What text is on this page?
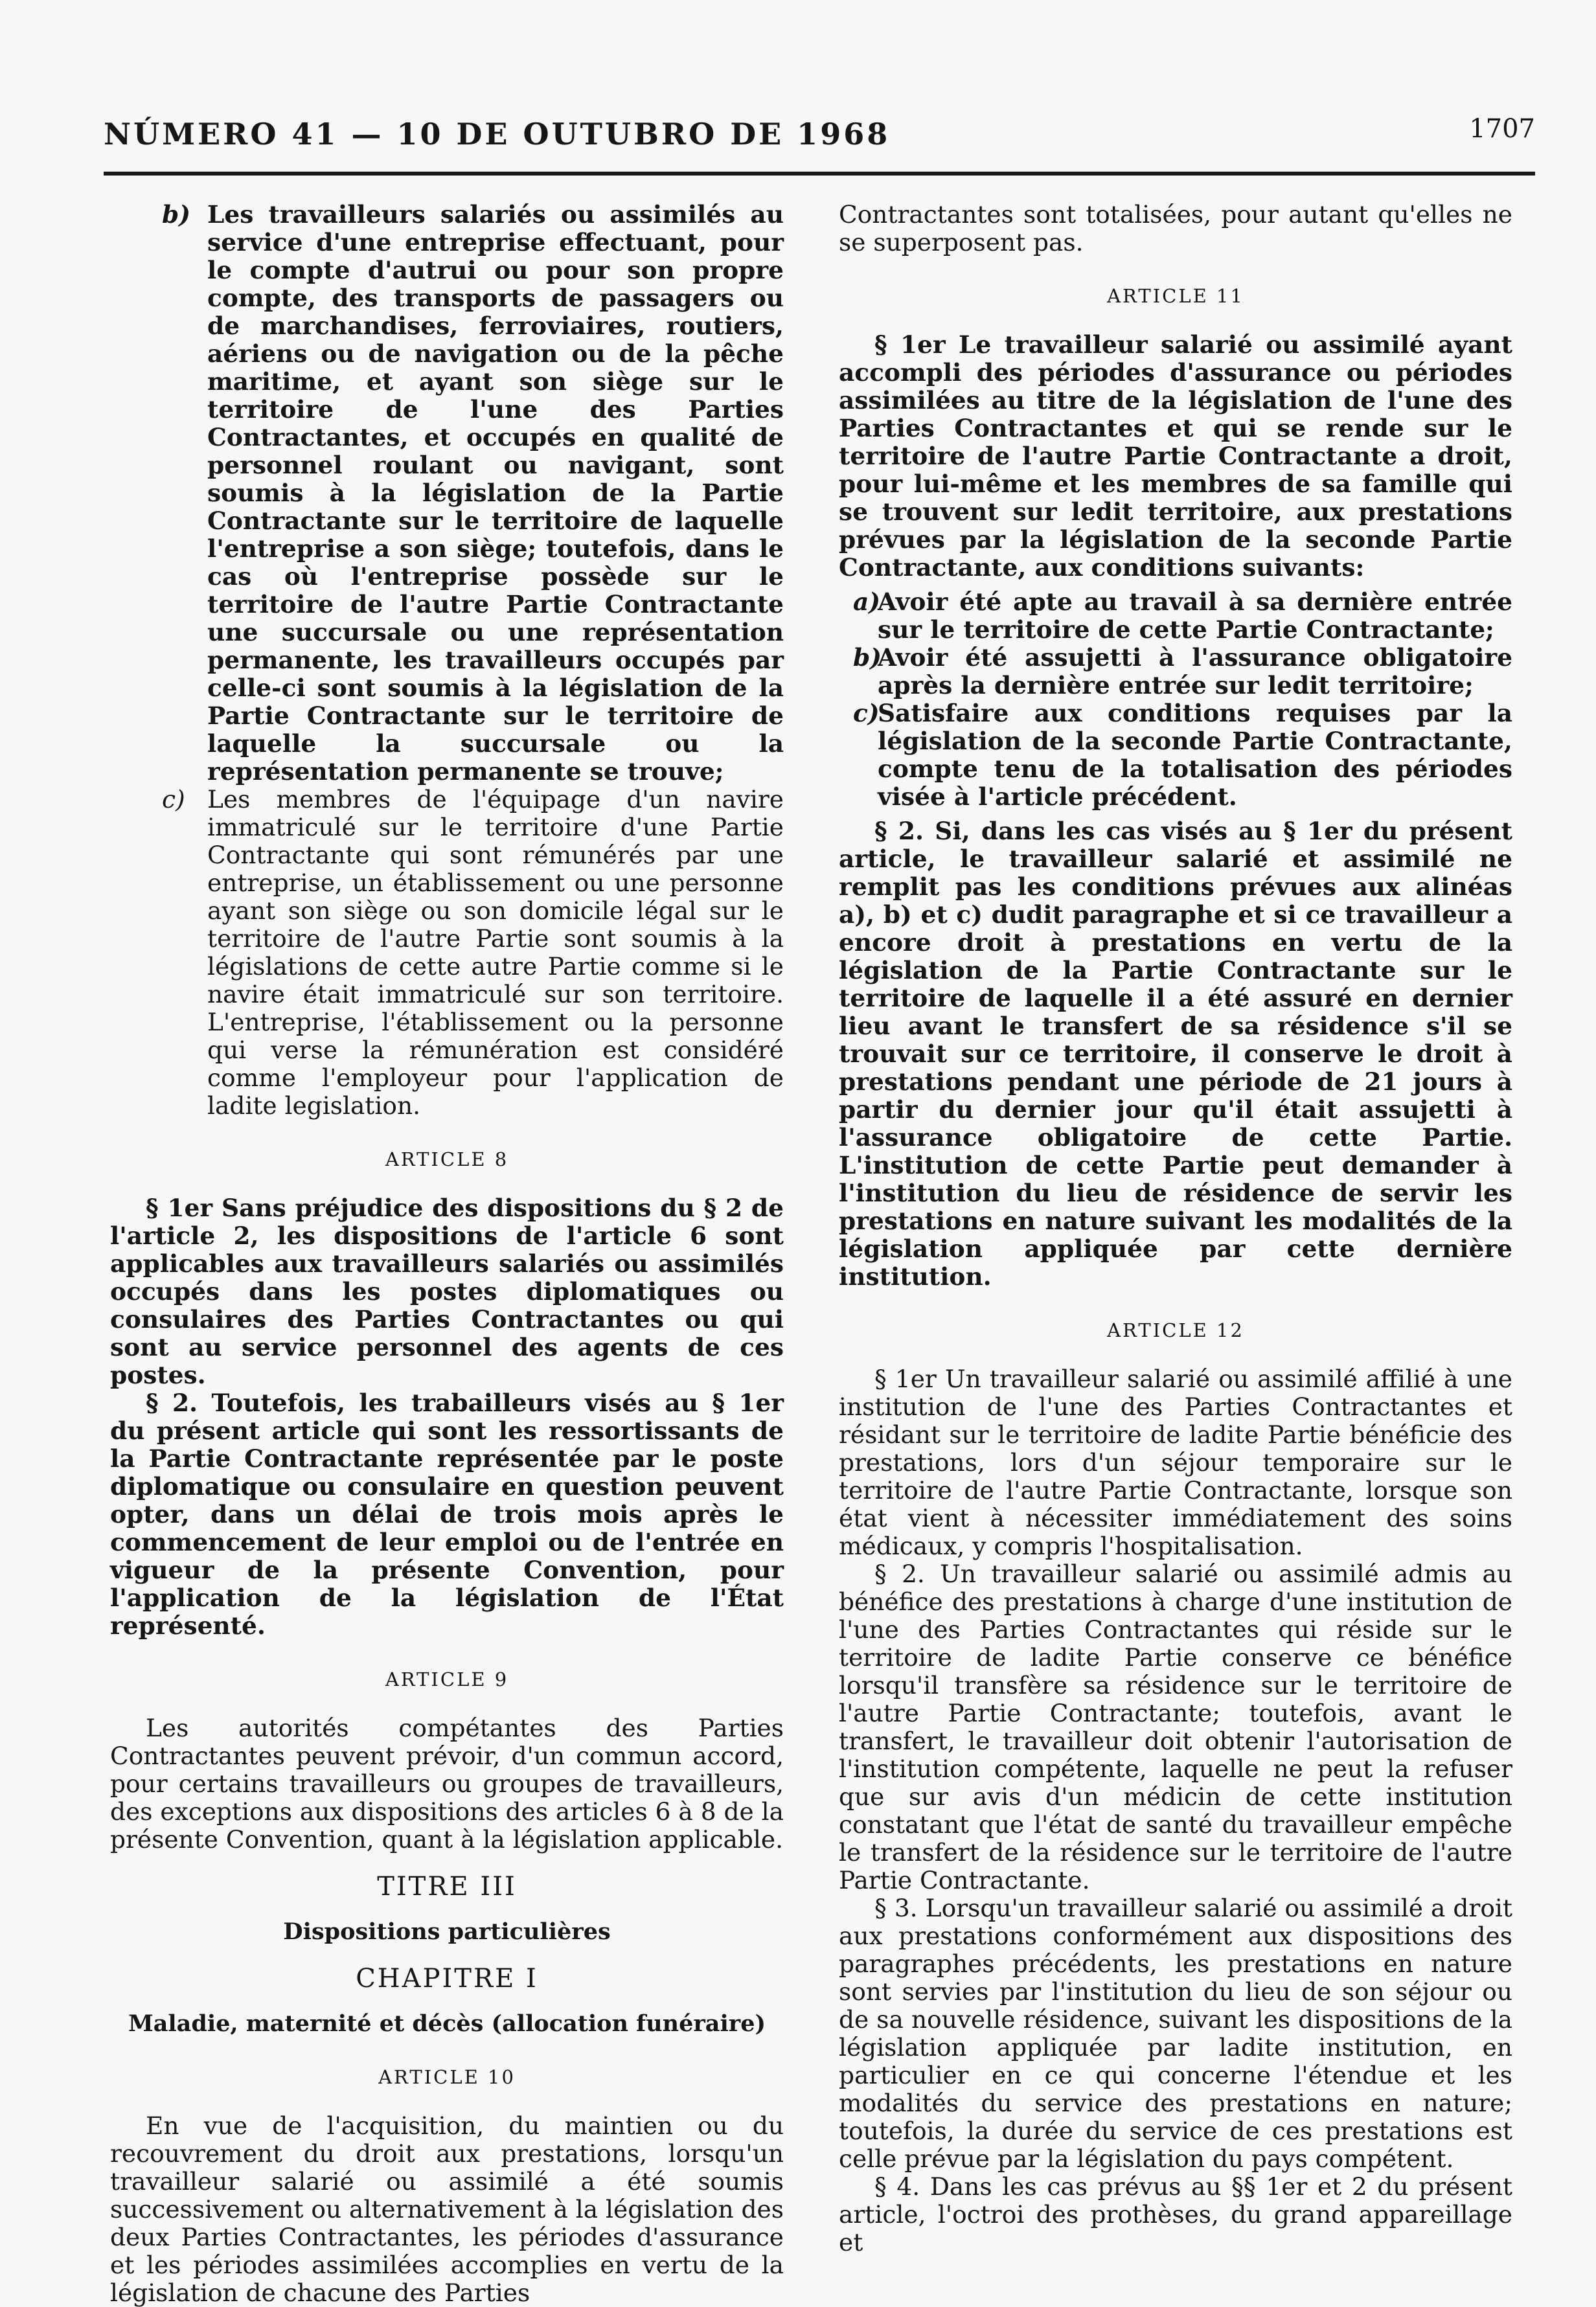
NÚMERO 41 — 10 DE OUTUBRO DE 1968	1707
b) Les travailleurs salariés ou assimilés au service d'une entreprise effectuant, pour le compte d'autrui ou pour son propre compte, des transports de passagers ou de marchandises, ferroviaires, routiers, aériens ou de navigation ou de la pêche maritime, et ayant son siège sur le territoire de l'une des Parties Contractantes, et occupés en qualité de personnel roulant ou navigant, sont soumis à la législation de la Partie Contractante sur le territoire de laquelle l'entreprise a son siège; toutefois, dans le cas où l'entreprise possède sur le territoire de l'autre Partie Contractante une succursale ou une représentation permanente, les travailleurs occupés par celle-ci sont soumis à la législation de la Partie Contractante sur le territoire de laquelle la succursale ou la représentation permanente se trouve;
c) Les membres de l'équipage d'un navire immatriculé sur le territoire d'une Partie Contractante qui sont rémunérés par une entreprise, un établissement ou une personne ayant son siège ou son domicile légal sur le territoire de l'autre Partie sont soumis à la législations de cette autre Partie comme si le navire était immatriculé sur son territoire. L'entreprise, l'établissement ou la personne qui verse la rémunération est considéré comme l'employeur pour l'application de ladite legislation.
ARTICLE 8

§ 1er Sans préjudice des dispositions du § 2 de l'article 2, les dispositions de l'article 6 sont applicables aux travailleurs salariés ou assimilés occupés dans les postes diplomatiques ou consulaires des Parties Contractantes ou qui sont au service personnel des agents de ces postes.

§ 2. Toutefois, les trabailleurs visés au § 1er du présent article qui sont les ressortissants de la Partie Contractante représentée par le poste diplomatique ou consulaire en question peuvent opter, dans un délai de trois mois après le commencement de leur emploi ou de l'entrée en vigueur de la présente Convention, pour l'application de la législation de l'État représenté.

ARTICLE 9

Les autorités compétantes des Parties Contractantes peuvent prévoir, d'un commun accord, pour certains travailleurs ou groupes de travailleurs, des exceptions aux dispositions des articles 6 à 8 de la présente Convention, quant à la législation applicable.

TITRE III
Dispositions particulières
CHAPITRE I
Maladie, maternité et décès (allocation funéraire)
ARTICLE 10

En vue de l'acquisition, du maintien ou du recouvrement du droit aux prestations, lorsqu'un travailleur salarié ou assimilé a été soumis successivement ou alternativement à la législation des deux Parties Contractantes, les périodes d'assurance et les périodes assimilées accomplies en vertu de la législation de chacune des Parties

Contractantes sont totalisées, pour autant qu'elles ne se superposent pas.

ARTICLE 11

§ 1er Le travailleur salarié ou assimilé ayant accompli des périodes d'assurance ou périodes assimilées au titre de la législation de l'une des Parties Contractantes et qui se rende sur le territoire de l'autre Partie Contractante a droit, pour lui-même et les membres de sa famille qui se trouvent sur ledit territoire, aux prestations prévues par la législation de la seconde Partie Contractante, aux conditions suivants:

a)
Avoir été apte au travail à sa dernière entrée sur le territoire de cette Partie Contractante;
b)
Avoir été assujetti à l'assurance obligatoire après la dernière entrée sur ledit territoire;
c)
Satisfaire aux conditions requises par la législation de la seconde Partie Contractante, compte tenu de la totalisation des périodes visée à l'article précédent.

§ 2. Si, dans les cas visés au § 1er du présent article, le travailleur salarié et assimilé ne remplit pas les conditions prévues aux alinéas a), b) et c) dudit paragraphe et si ce travailleur a encore droit à prestations en vertu de la législation de la Partie Contractante sur le territoire de laquelle il a été assuré en dernier lieu avant le transfert de sa résidence s'il se trouvait sur ce territoire, il conserve le droit à prestations pendant une période de 21 jours à partir du dernier jour qu'il était assujetti à l'assurance obligatoire de cette Partie. L'institution de cette Partie peut demander à l'institution du lieu de résidence de servir les prestations en nature suivant les modalités de la législation appliquée par cette dernière institution.

ARTICLE 12

§ 1er Un travailleur salarié ou assimilé affilié à une institution de l'une des Parties Contractantes et résidant sur le territoire de ladite Partie bénéficie des prestations, lors d'un séjour temporaire sur le territoire de l'autre Partie Contractante, lorsque son état vient à nécessiter immédiatement des soins médicaux, y compris l'hospitalisation.

§ 2. Un travailleur salarié ou assimilé admis au bénéfice des prestations à charge d'une institution de l'une des Parties Contractantes qui réside sur le territoire de ladite Partie conserve ce bénéfice lorsqu'il transfère sa résidence sur le territoire de l'autre Partie Contractante; toutefois, avant le transfert, le travailleur doit obtenir l'autorisation de l'institution compétente, laquelle ne peut la refuser que sur avis d'un médicin de cette institution constatant que l'état de santé du travailleur empêche le transfert de la résidence sur le territoire de l'autre Partie Contractante.

§ 3. Lorsqu'un travailleur salarié ou assimilé a droit aux prestations conformément aux dispositions des paragraphes précédents, les prestations en nature sont servies par l'institution du lieu de son séjour ou de sa nouvelle résidence, suivant les dispositions de la législation appliquée par ladite institution, en particulier en ce qui concerne l'étendue et les modalités du service des prestations en nature; toutefois, la durée du service de ces prestations est celle prévue par la législation du pays compétent.

§ 4. Dans les cas prévus au §§ 1er et 2 du présent article, l'octroi des prothèses, du grand appareillage et
